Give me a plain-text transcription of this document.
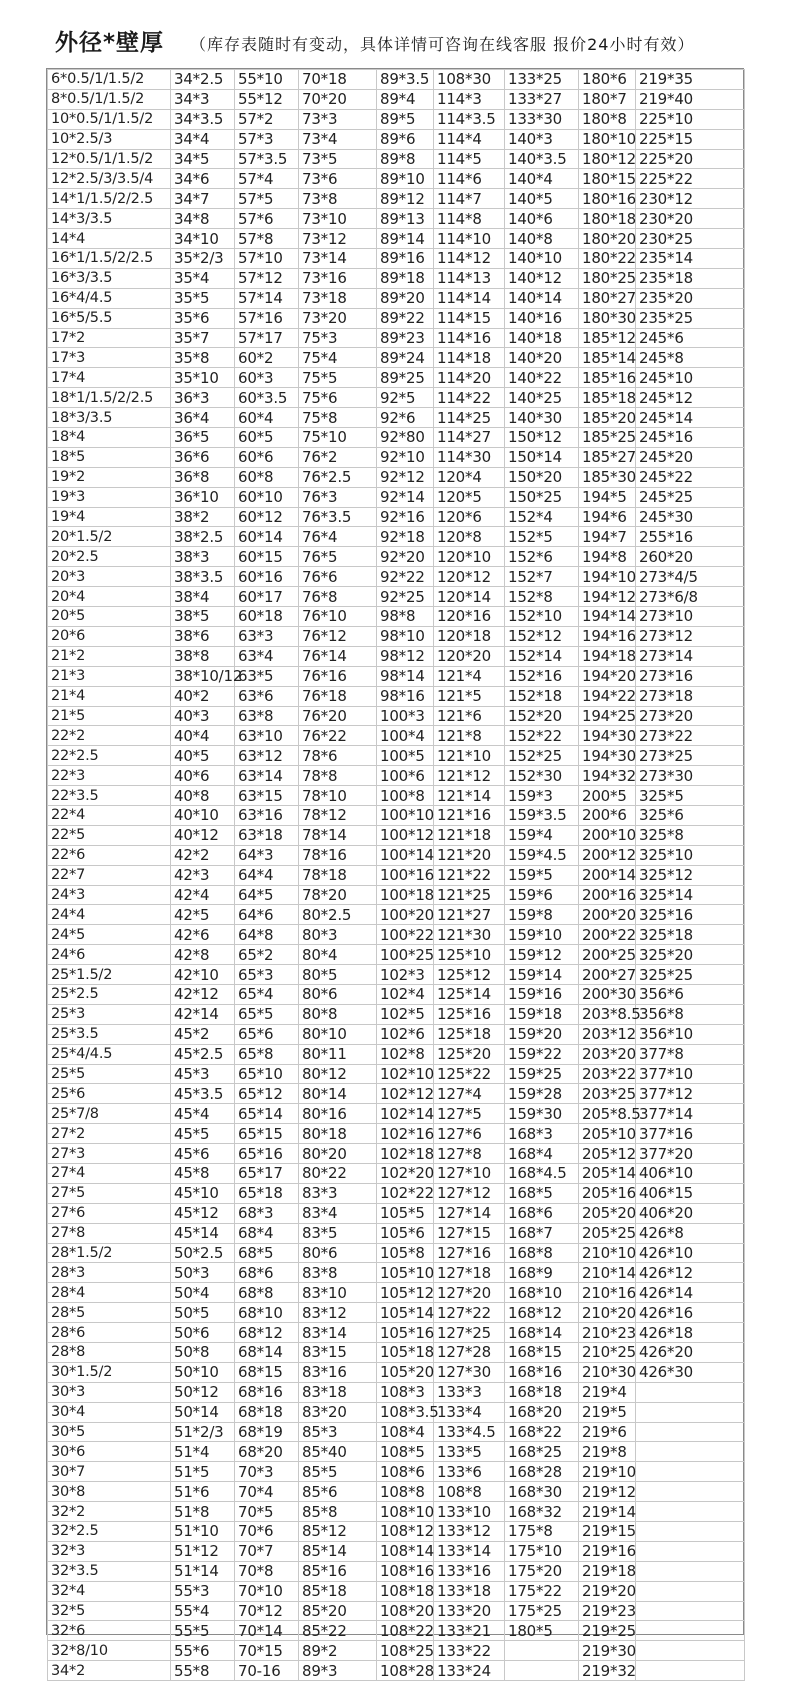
外径*壁厚 （库存表随时有变动，具体详情可咨询在线客服 报价24小时有效）
6*0.5/1/1.5/2	34*2.5	55*10	70*18	89*3.5	108*30	133*25	180*6	219*35
8*0.5/1/1.5/2	34*3	55*12	70*20	89*4	114*3	133*27	180*7	219*40
10*0.5/1/1.5/2	34*3.5	57*2	73*3	89*5	114*3.5	133*30	180*8	225*10
10*2.5/3	34*4	57*3	73*4	89*6	114*4	140*3	180*10	225*15
12*0.5/1/1.5/2	34*5	57*3.5	73*5	89*8	114*5	140*3.5	180*12	225*20
12*2.5/3/3.5/4	34*6	57*4	73*6	89*10	114*6	140*4	180*15	225*22
14*1/1.5/2/2.5	34*7	57*5	73*8	89*12	114*7	140*5	180*16	230*12
14*3/3.5	34*8	57*6	73*10	89*13	114*8	140*6	180*18	230*20
14*4	34*10	57*8	73*12	89*14	114*10	140*8	180*20	230*25
16*1/1.5/2/2.5	35*2/3	57*10	73*14	89*16	114*12	140*10	180*22	235*14
16*3/3.5	35*4	57*12	73*16	89*18	114*13	140*12	180*25	235*18
16*4/4.5	35*5	57*14	73*18	89*20	114*14	140*14	180*27	235*20
16*5/5.5	35*6	57*16	73*20	89*22	114*15	140*16	180*30	235*25
17*2	35*7	57*17	75*3	89*23	114*16	140*18	185*12	245*6
17*3	35*8	60*2	75*4	89*24	114*18	140*20	185*14	245*8
17*4	35*10	60*3	75*5	89*25	114*20	140*22	185*16	245*10
18*1/1.5/2/2.5	36*3	60*3.5	75*6	92*5	114*22	140*25	185*18	245*12
18*3/3.5	36*4	60*4	75*8	92*6	114*25	140*30	185*20	245*14
18*4	36*5	60*5	75*10	92*80	114*27	150*12	185*25	245*16
18*5	36*6	60*6	76*2	92*10	114*30	150*14	185*27	245*20
19*2	36*8	60*8	76*2.5	92*12	120*4	150*20	185*30	245*22
19*3	36*10	60*10	76*3	92*14	120*5	150*25	194*5	245*25
19*4	38*2	60*12	76*3.5	92*16	120*6	152*4	194*6	245*30
20*1.5/2	38*2.5	60*14	76*4	92*18	120*8	152*5	194*7	255*16
20*2.5	38*3	60*15	76*5	92*20	120*10	152*6	194*8	260*20
20*3	38*3.5	60*16	76*6	92*22	120*12	152*7	194*10	273*4/5
20*4	38*4	60*17	76*8	92*25	120*14	152*8	194*12	273*6/8
20*5	38*5	60*18	76*10	98*8	120*16	152*10	194*14	273*10
20*6	38*6	63*3	76*12	98*10	120*18	152*12	194*16	273*12
21*2	38*8	63*4	76*14	98*12	120*20	152*14	194*18	273*14
21*3	38*10/12	63*5	76*16	98*14	121*4	152*16	194*20	273*16
21*4	40*2	63*6	76*18	98*16	121*5	152*18	194*22	273*18
21*5	40*3	63*8	76*20	100*3	121*6	152*20	194*25	273*20
22*2	40*4	63*10	76*22	100*4	121*8	152*22	194*30	273*22
22*2.5	40*5	63*12	78*6	100*5	121*10	152*25	194*30	273*25
22*3	40*6	63*14	78*8	100*6	121*12	152*30	194*32	273*30
22*3.5	40*8	63*15	78*10	100*8	121*14	159*3	200*5	325*5
22*4	40*10	63*16	78*12	100*10	121*16	159*3.5	200*6	325*6
22*5	40*12	63*18	78*14	100*12	121*18	159*4	200*10	325*8
22*6	42*2	64*3	78*16	100*14	121*20	159*4.5	200*12	325*10
22*7	42*3	64*4	78*18	100*16	121*22	159*5	200*14	325*12
24*3	42*4	64*5	78*20	100*18	121*25	159*6	200*16	325*14
24*4	42*5	64*6	80*2.5	100*20	121*27	159*8	200*20	325*16
24*5	42*6	64*8	80*3	100*22	121*30	159*10	200*22	325*18
24*6	42*8	65*2	80*4	100*25	125*10	159*12	200*25	325*20
25*1.5/2	42*10	65*3	80*5	102*3	125*12	159*14	200*27	325*25
25*2.5	42*12	65*4	80*6	102*4	125*14	159*16	200*30	356*6
25*3	42*14	65*5	80*8	102*5	125*16	159*18	203*8.5	356*8
25*3.5	45*2	65*6	80*10	102*6	125*18	159*20	203*12	356*10
25*4/4.5	45*2.5	65*8	80*11	102*8	125*20	159*22	203*20	377*8
25*5	45*3	65*10	80*12	102*10	125*22	159*25	203*22	377*10
25*6	45*3.5	65*12	80*14	102*12	127*4	159*28	203*25	377*12
25*7/8	45*4	65*14	80*16	102*14	127*5	159*30	205*8.5	377*14
27*2	45*5	65*15	80*18	102*16	127*6	168*3	205*10	377*16
27*3	45*6	65*16	80*20	102*18	127*8	168*4	205*12	377*20
27*4	45*8	65*17	80*22	102*20	127*10	168*4.5	205*14	406*10
27*5	45*10	65*18	83*3	102*22	127*12	168*5	205*16	406*15
27*6	45*12	68*3	83*4	105*5	127*14	168*6	205*20	406*20
27*8	45*14	68*4	83*5	105*6	127*15	168*7	205*25	426*8
28*1.5/2	50*2.5	68*5	80*6	105*8	127*16	168*8	210*10	426*10
28*3	50*3	68*6	83*8	105*10	127*18	168*9	210*14	426*12
28*4	50*4	68*8	83*10	105*12	127*20	168*10	210*16	426*14
28*5	50*5	68*10	83*12	105*14	127*22	168*12	210*20	426*16
28*6	50*6	68*12	83*14	105*16	127*25	168*14	210*23	426*18
28*8	50*8	68*14	83*15	105*18	127*28	168*15	210*25	426*20
30*1.5/2	50*10	68*15	83*16	105*20	127*30	168*16	210*30	426*30
30*3	50*12	68*16	83*18	108*3	133*3	168*18	219*4	
30*4	50*14	68*18	83*20	108*3.5	133*4	168*20	219*5	
30*5	51*2/3	68*19	85*3	108*4	133*4.5	168*22	219*6	
30*6	51*4	68*20	85*40	108*5	133*5	168*25	219*8	
30*7	51*5	70*3	85*5	108*6	133*6	168*28	219*10	
30*8	51*6	70*4	85*6	108*8	108*8	168*30	219*12	
32*2	51*8	70*5	85*8	108*10	133*10	168*32	219*14	
32*2.5	51*10	70*6	85*12	108*12	133*12	175*8	219*15	
32*3	51*12	70*7	85*14	108*14	133*14	175*10	219*16	
32*3.5	51*14	70*8	85*16	108*16	133*16	175*20	219*18	
32*4	55*3	70*10	85*18	108*18	133*18	175*22	219*20	
32*5	55*4	70*12	85*20	108*20	133*20	175*25	219*23	
32*6	55*5	70*14	85*22	108*22	133*21	180*5	219*25	
32*8/10	55*6	70*15	89*2	108*25	133*22		219*30	
34*2	55*8	70-16	89*3	108*28	133*24		219*32	
